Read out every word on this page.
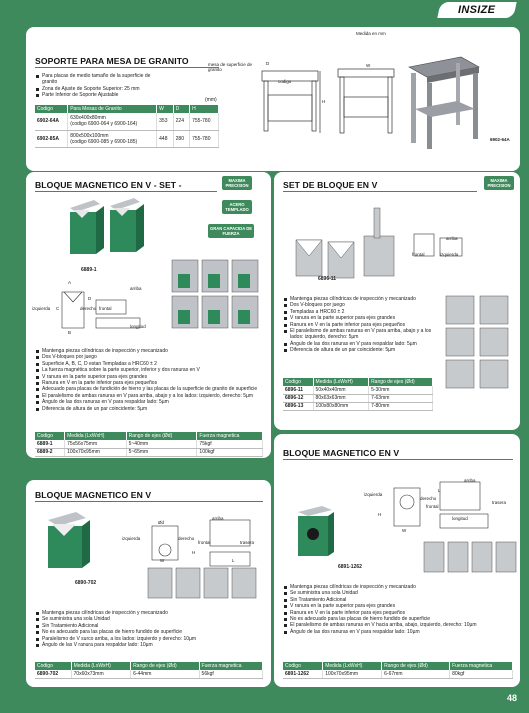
INSIZE
SOPORTE PARA MESA DE GRANITO
Para placas de medio tamaño de la superficie de granito
Zona de Ajuste de Soporte Superior: 25 mm
Parte Inferior de Soporte Ajustable
(mm)
Codigo	Para Mesas de Granito	W	D	H
6902-64A	630x400x80mm
(codigo 6900-064 y 6900-164)	353	224	755-780
6902-85A	800x500x100mm
(codigo 6900-085 y 6900-185)	448	280	755-780
Medida en mm
mesa de superficie de granito
codigo
W
D
H
6902-64A
BLOQUE MAGNETICO EN V - SET -	MAXIMA PRECISION
ACERO TEMPLADO
GRAN CAPACIDA DE FUERZA
6889-1
izquierda	derecho frontal
arriba
longitud
A
B
C
D
Mantenga piezas cilíndricas de inspección y mecanizado
Dos V-bloques por juego
Superficie A, B, C, D estan Templadas a HRC60 ± 2
La fuerza magnética sobre la parte superior, inferior y dos ranuras en V
V ranura en la parte superior para ejes grandes
Ranura en V en la parte inferior para ejes pequeños
Adecuado para placas de fundición de hierro y las placas de la superficie de granito de superficie
El paralelismo de ambas ranuras en V para arriba, abajo y a los lados: izquierdo, derecho: 5µm
Ángulo de las dos ranuras en V para respaldar lado: 5µm
Diferencia de altura de un par coincidente: 5µm
Codigo	Medida (LxWxH)	Rango de ejes (Ød)	Fuerza magnetica
6889-1	75x56x75mm	5~40mm	75kgf
6889-2	100x70x95mm	5~65mm	100kgf
SET DE BLOQUE EN V	MAXIMA PRECISION
6896-11
arriba
frontal	izquierda
Mantenga piezas cilíndricas de inspección y mecanizado
Dos V-bloques por juego
Templadas a HRC60 ± 2
V ranura en la parte superior para ejes grandes
Ranura en V en la parte inferior para ejes pequeños
El paralelismo de ambas ranuras en V para arriba, abajo y a los lados: izquierdo, derecho: 5µm
Ángulo de las dos ranuras en V para respaldar lado: 5µm
Diferencia de altura de un par coincidente: 5µm
Codigo	Medida (LxWxH)	Rango de ejes (Ød)
6896-11	50x40x40mm	5-30mm
6896-12	80x63x63mm	7-63mm
6896-13	100x80x80mm	7-80mm
BLOQUE MAGNETICO EN V
6890-702
izquierda	derecho
arriba
frontal	trasera
Ød
W
H
L
Mantenga piezas cilíndricas de inspección y mecanizado
Se suministra una sola Unidad
Sin Tratamiento Adicional
No es adecuado para las placas de hierro fundido de superficie
Paralelismo de V surco arriba, a los lados: izquierdo y derecho: 10µm
Ángulo de las V ranura para respaldar lado: 10µm
Codigo	Medida (LxWxH)	Rango de ejes (Ød)	Fuerza magnetica
6890-702	70x60x73mm	6-44mm	56kgf
BLOQUE MAGNETICO EN V
6891-1262
izquierda
derecho
arriba
frontal
trasera
longitud
W
L
H
Mantenga piezas cilíndricas de inspección y mecanizado
Se suministra una sola Unidad
Sin Tratamiento Adicional
V ranura en la parte superior para ejes grandes
Ranura en V en la parte inferior para ejes pequeños
No es adecuado para las placas de hierro fundido de superficie
El paralelismo de ambas ranuras en V hacia arriba, abajo, izquierdo, derecho: 10µm
Ángulo de las dos ranuras en V para respaldar lado: 10µm
Codigo	Medida (LxWxH)	Rango de ejes (Ød)	Fuerza magnetica
6891-1262	100x70x95mm	6-67mm	80kgf
48
